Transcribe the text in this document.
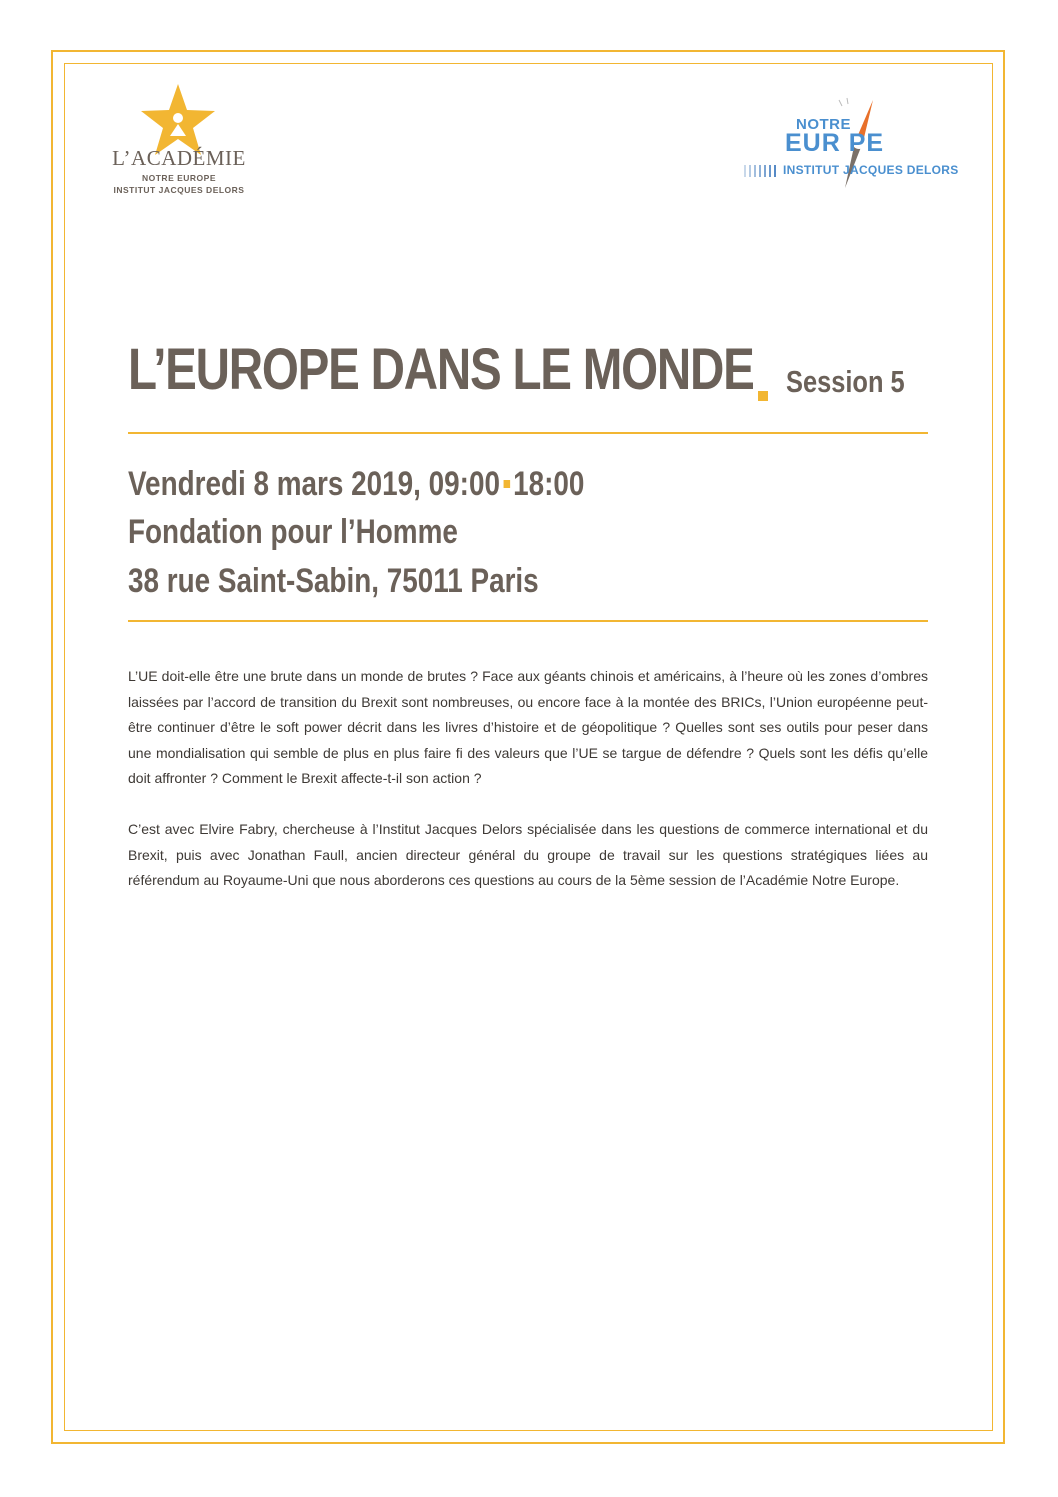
L’ACADÉMIE
NOTRE EUROPE
INSTITUT JACQUES DELORS
NOTRE
EUR PE
INSTITUT JACQUES DELORS
L’EUROPE DANS LE MONDE Session 5
Vendredi 8 mars 2019, 09:00 18:00
Fondation pour l’Homme
38 rue Saint-Sabin, 75011 Paris

L’UE doit-elle être une brute dans un monde de brutes ? Face aux géants chinois et américains, à l’heure où les zones d’ombres laissées par l’accord de transition du Brexit sont nombreuses, ou encore face à la montée des BRICs, l’Union européenne peut-être continuer d’être le soft power décrit dans les livres d’histoire et de géopolitique ? Quelles sont ses outils pour peser dans une mondialisation qui semble de plus en plus faire fi des valeurs que l’UE se targue de défendre ? Quels sont les défis qu’elle doit affronter ? Comment le Brexit affecte-t-il son action ?

C’est avec Elvire Fabry, chercheuse à l’Institut Jacques Delors spécialisée dans les questions de commerce international et du Brexit, puis avec Jonathan Faull, ancien directeur général du groupe de travail sur les questions stratégiques liées au référendum au Royaume-Uni que nous aborderons ces questions au cours de la 5ème session de l’Académie Notre Europe.
